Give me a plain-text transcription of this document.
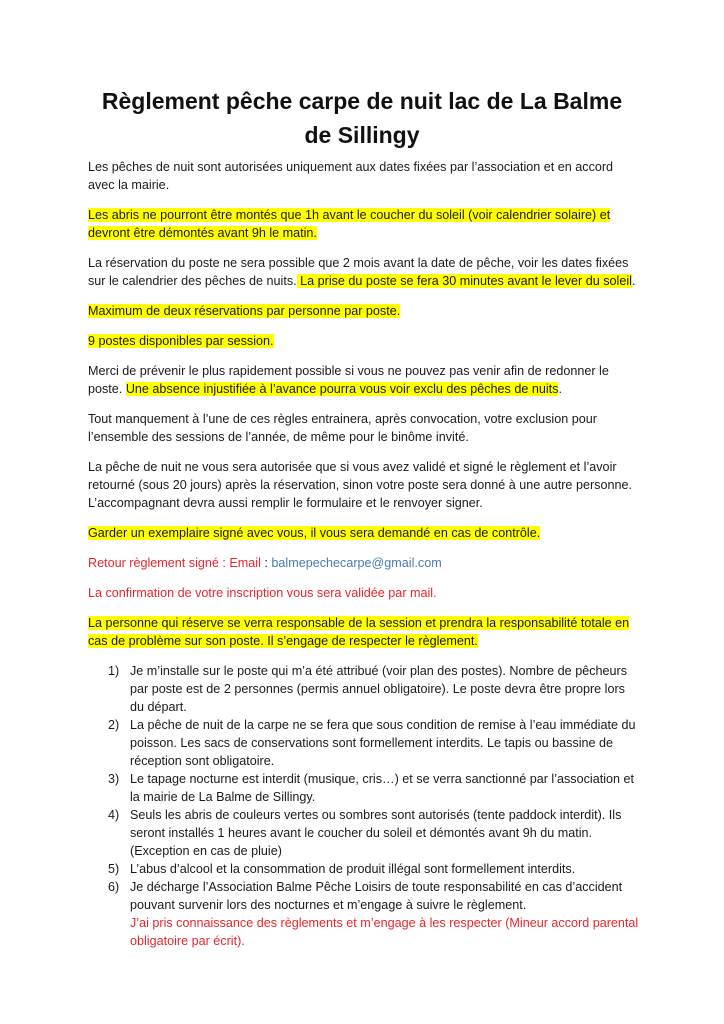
Règlement pêche carpe de nuit lac de La Balme de Sillingy

Les pêches de nuit sont autorisées uniquement aux dates fixées par l’association et en accord avec la mairie.

Les abris ne pourront être montés que 1h avant le coucher du soleil (voir calendrier solaire) et devront être démontés avant 9h le matin.

La réservation du poste ne sera possible que 2 mois avant la date de pêche, voir les dates fixées sur le calendrier des pêches de nuits. La prise du poste se fera 30 minutes avant le lever du soleil.

Maximum de deux réservations par personne par poste.

9 postes disponibles par session.

Merci de prévenir le plus rapidement possible si vous ne pouvez pas venir afin de redonner le poste. Une absence injustifiée à l’avance pourra vous voir exclu des pêches de nuits.

Tout manquement à l’une de ces règles entrainera, après convocation, votre exclusion pour l’ensemble des sessions de l’année, de même pour le binôme invité.

La pêche de nuit ne vous sera autorisée que si vous avez validé et signé le règlement et l’avoir retourné (sous 20 jours) après la réservation, sinon votre poste sera donné à une autre personne. L’accompagnant devra aussi remplir le formulaire et le renvoyer signer.

Garder un exemplaire signé avec vous, il vous sera demandé en cas de contrôle.

Retour règlement signé : Email : balmepechecarpe@gmail.com

La confirmation de votre inscription vous sera validée par mail.

La personne qui réserve se verra responsable de la session et prendra la responsabilité totale en cas de problème sur son poste. Il s’engage de respecter le règlement.

1) Je m’installe sur le poste qui m’a été attribué (voir plan des postes). Nombre de pêcheurs par poste est de 2 personnes (permis annuel obligatoire). Le poste devra être propre lors du départ.
2) La pêche de nuit de la carpe ne se fera que sous condition de remise à l’eau immédiate du poisson. Les sacs de conservations sont formellement interdits. Le tapis ou bassine de réception sont obligatoire.
3) Le tapage nocturne est interdit (musique, cris…) et se verra sanctionné par l’association et la mairie de La Balme de Sillingy.
4) Seuls les abris de couleurs vertes ou sombres sont autorisés (tente paddock interdit). Ils seront installés 1 heures avant le coucher du soleil et démontés avant 9h du matin. (Exception en cas de pluie)
5) L’abus d’alcool et la consommation de produit illégal sont formellement interdits.
6) Je décharge l’Association Balme Pêche Loisirs de toute responsabilité en cas d’accident pouvant survenir lors des nocturnes et m’engage à suivre le règlement.
J’ai pris connaissance des règlements et m’engage à les respecter (Mineur accord parental obligatoire par écrit).
